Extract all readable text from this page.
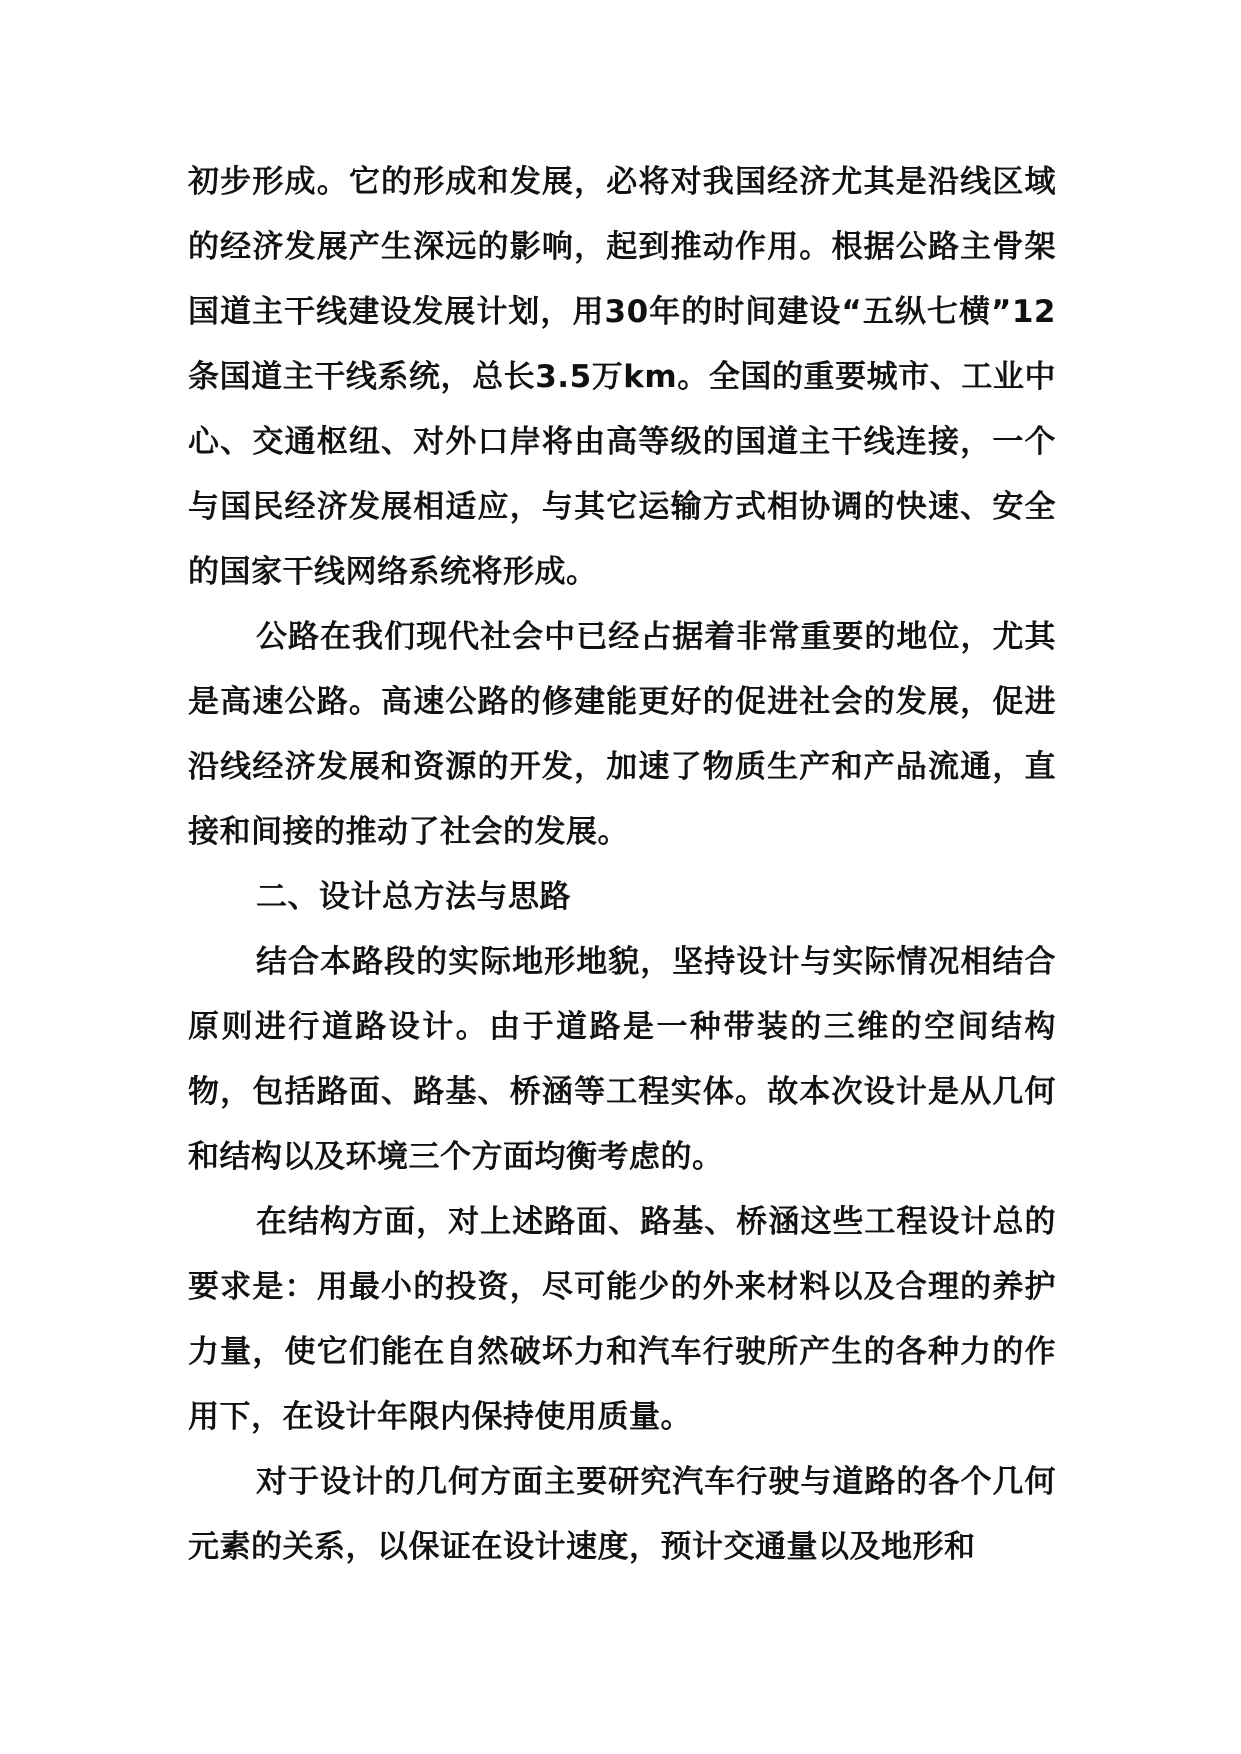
初步形成。它的形成和发展，必将对我国经济尤其是沿线区域的经济发展产生深远的影响，起到推动作用。根据公路主骨架国道主干线建设发展计划，用30年的时间建设“五纵七横”12条国道主干线系统，总长3.5万km。全国的重要城市、工业中心、交通枢纽、对外口岸将由高等级的国道主干线连接，一个与国民经济发展相适应，与其它运输方式相协调的快速、安全的国家干线网络系统将形成。

公路在我们现代社会中已经占据着非常重要的地位，尤其是高速公路。高速公路的修建能更好的促进社会的发展，促进沿线经济发展和资源的开发，加速了物质生产和产品流通，直接和间接的推动了社会的发展。

二、设计总方法与思路

结合本路段的实际地形地貌，坚持设计与实际情况相结合原则进行道路设计。由于道路是一种带装的三维的空间结构物，包括路面、路基、桥涵等工程实体。故本次设计是从几何和结构以及环境三个方面均衡考虑的。

在结构方面，对上述路面、路基、桥涵这些工程设计总的要求是：用最小的投资，尽可能少的外来材料以及合理的养护力量，使它们能在自然破坏力和汽车行驶所产生的各种力的作用下，在设计年限内保持使用质量。

对于设计的几何方面主要研究汽车行驶与道路的各个几何元素的关系，以保证在设计速度，预计交通量以及地形和
